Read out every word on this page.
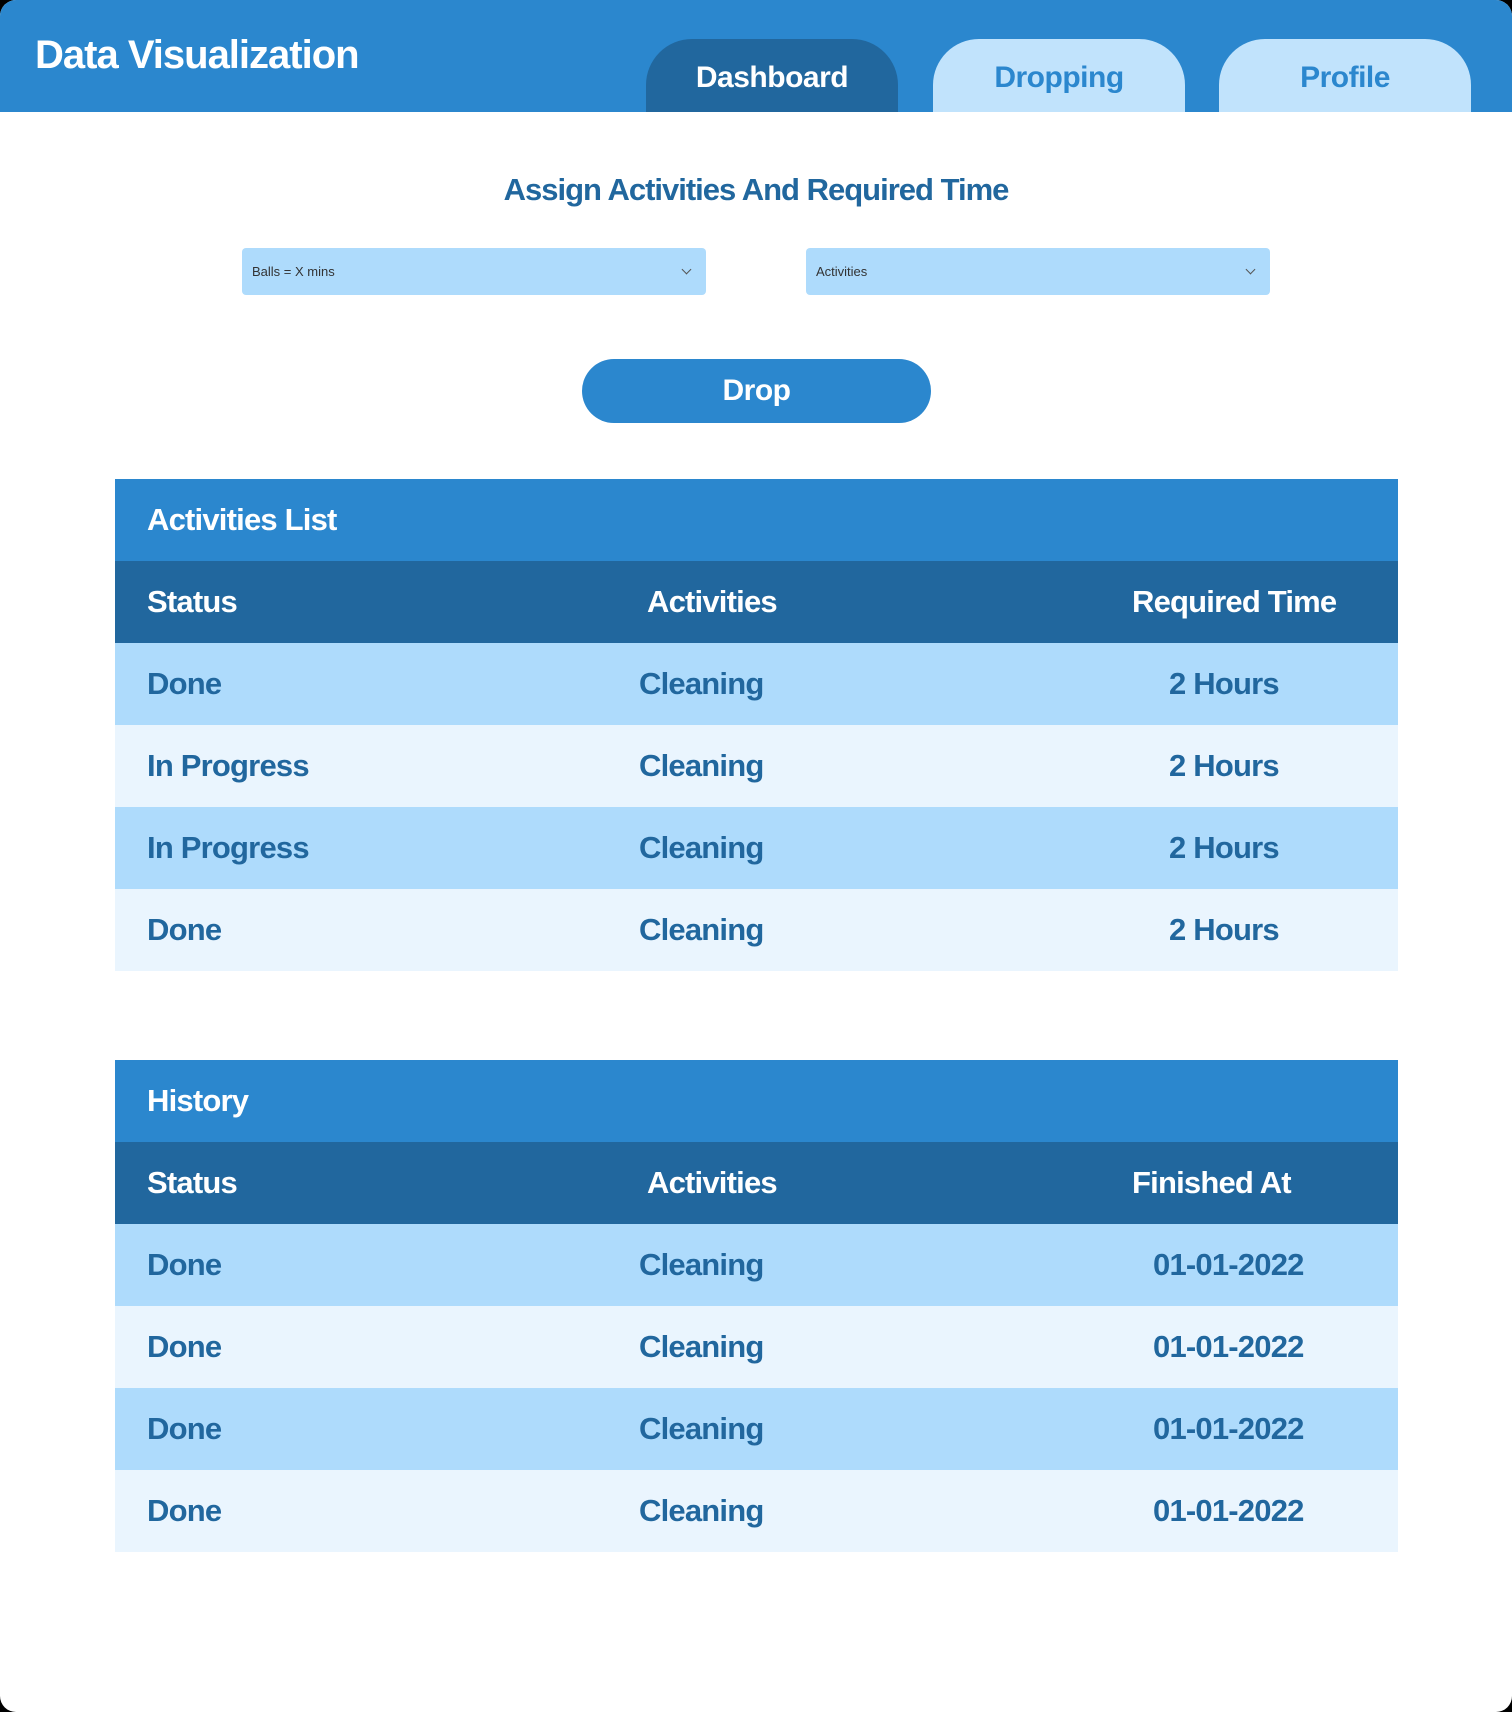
Data Visualization	Dashboard	Dropping	Profile
Assign Activities And Required Time
Balls = X mins	Activities
Drop
Activities List
Status	Activities	Required Time
Done	Cleaning	2 Hours
In Progress	Cleaning	2 Hours
In Progress	Cleaning	2 Hours
Done	Cleaning	2 Hours
History
Status	Activities	Finished At
Done	Cleaning	01-01-2022
Done	Cleaning	01-01-2022
Done	Cleaning	01-01-2022
Done	Cleaning	01-01-2022
